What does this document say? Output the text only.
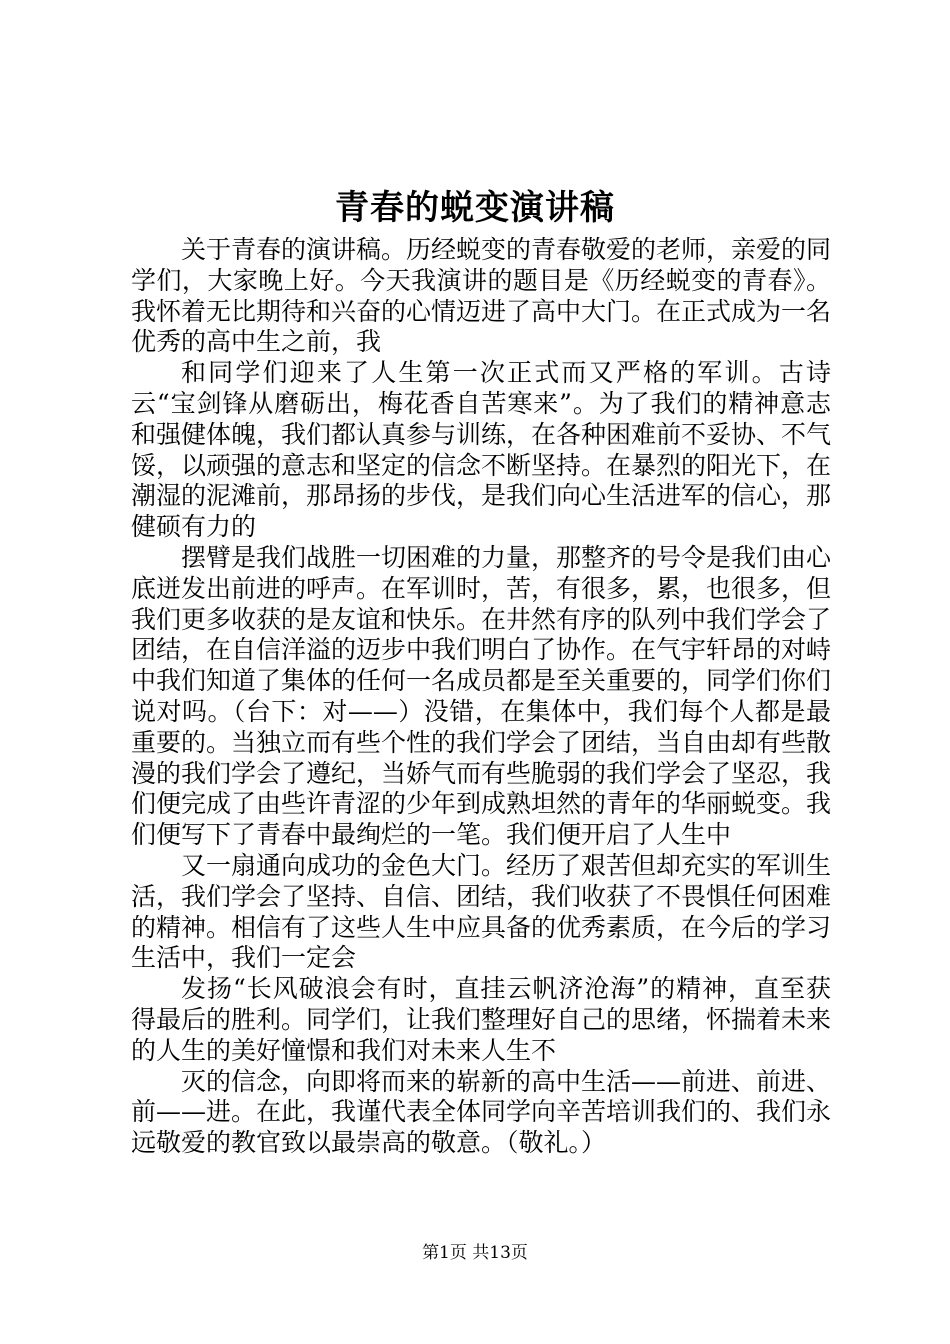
青春的蜕变演讲稿

关于青春的演讲稿。历经蜕变的青春敬爱的老师，亲爱的同学们，大家晚上好。今天我演讲的题目是《历经蜕变的青春》。我怀着无比期待和兴奋的心情迈进了高中大门。在正式成为一名优秀的高中生之前，我

和同学们迎来了人生第一次正式而又严格的军训。古诗云“宝剑锋从磨砺出，梅花香自苦寒来”。为了我们的精神意志和强健体魄，我们都认真参与训练，在各种困难前不妥协、不气馁，以顽强的意志和坚定的信念不断坚持。在暴烈的阳光下，在潮湿的泥滩前，那昂扬的步伐，是我们向心生活进军的信心，那健硕有力的

摆臂是我们战胜一切困难的力量，那整齐的号令是我们由心底迸发出前进的呼声。在军训时，苦，有很多，累，也很多，但我们更多收获的是友谊和快乐。在井然有序的队列中我们学会了团结，在自信洋溢的迈步中我们明白了协作。在气宇轩昂的对峙中我们知道了集体的任何一名成员都是至关重要的，同学们你们说对吗。（台下：对——）没错，在集体中，我们每个人都是最重要的。当独立而有些个性的我们学会了团结，当自由却有些散漫的我们学会了遵纪，当娇气而有些脆弱的我们学会了坚忍，我们便完成了由些许青涩的少年到成熟坦然的青年的华丽蜕变。我们便写下了青春中最绚烂的一笔。我们便开启了人生中

又一扇通向成功的金色大门。经历了艰苦但却充实的军训生活，我们学会了坚持、自信、团结，我们收获了不畏惧任何困难的精神。相信有了这些人生中应具备的优秀素质，在今后的学习生活中，我们一定会

发扬“长风破浪会有时，直挂云帆济沧海”的精神，直至获得最后的胜利。同学们，让我们整理好自己的思绪，怀揣着未来的人生的美好憧憬和我们对未来人生不

灭的信念，向即将而来的崭新的高中生活——前进、前进、前——进。在此，我谨代表全体同学向辛苦培训我们的、我们永远敬爱的教官致以最崇高的敬意。（敬礼。）

第1页 共13页
